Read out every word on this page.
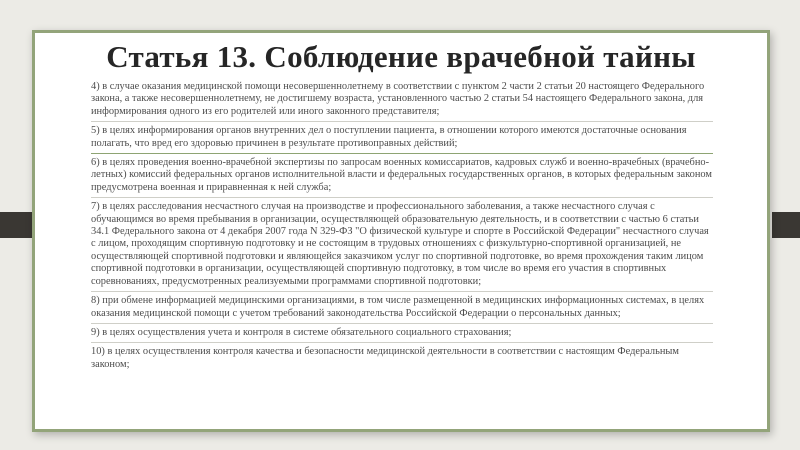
Статья 13. Соблюдение врачебной тайны

4) в случае оказания медицинской помощи несовершеннолетнему в соответствии с пунктом 2 части 2 статьи 20 настоящего Федерального закона, а также несовершеннолетнему, не достигшему возраста, установленного частью 2 статьи 54 настоящего Федерального закона, для информирования одного из его родителей или иного законного представителя;

5) в целях информирования органов внутренних дел о поступлении пациента, в отношении которого имеются достаточные основания полагать, что вред его здоровью причинен в результате противоправных действий;

6) в целях проведения военно-врачебной экспертизы по запросам военных комиссариатов, кадровых служб и военно-врачебных (врачебно-летных) комиссий федеральных органов исполнительной власти и федеральных государственных органов, в которых федеральным законом предусмотрена военная и приравненная к ней служба;

7) в целях расследования несчастного случая на производстве и профессионального заболевания, а также несчастного случая с обучающимся во время пребывания в организации, осуществляющей образовательную деятельность, и в соответствии с частью 6 статьи 34.1 Федерального закона от 4 декабря 2007 года N 329-ФЗ "О физической культуре и спорте в Российской Федерации" несчастного случая с лицом, проходящим спортивную подготовку и не состоящим в трудовых отношениях с физкультурно-спортивной организацией, не осуществляющей спортивной подготовки и являющейся заказчиком услуг по спортивной подготовке, во время прохождения таким лицом спортивной подготовки в организации, осуществляющей спортивную подготовку, в том числе во время его участия в спортивных соревнованиях, предусмотренных реализуемыми программами спортивной подготовки;

8) при обмене информацией медицинскими организациями, в том числе размещенной в медицинских информационных системах, в целях оказания медицинской помощи с учетом требований законодательства Российской Федерации о персональных данных;

9) в целях осуществления учета и контроля в системе обязательного социального страхования;

10) в целях осуществления контроля качества и безопасности медицинской деятельности в соответствии с настоящим Федеральным законом;
